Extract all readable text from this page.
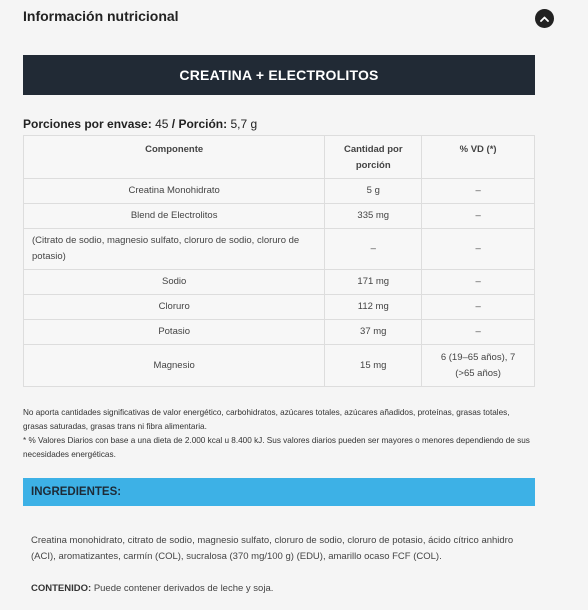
Información nutricional
CREATINA + ELECTROLITOS
Porciones por envase: 45 / Porción: 5,7 g
Componente	Cantidad por porción	% VD (*)
Creatina Monohidrato	5 g	–
Blend de Electrolitos	335 mg	–
(Citrato de sodio, magnesio sulfato, cloruro de sodio, cloruro de potasio)	–	–
Sodio	171 mg	–
Cloruro	112 mg	–
Potasio	37 mg	–
Magnesio	15 mg	6 (19–65 años), 7 (>65 años)

No aporta cantidades significativas de valor energético, carbohidratos, azúcares totales, azúcares añadidos, proteínas, grasas totales, grasas saturadas, grasas trans ni fibra alimentaria.

* % Valores Diarios con base a una dieta de 2.000 kcal u 8.400 kJ. Sus valores diarios pueden ser mayores o menores dependiendo de sus necesidades energéticas.

INGREDIENTES:
Creatina monohidrato, citrato de sodio, magnesio sulfato, cloruro de sodio, cloruro de potasio, ácido cítrico anhidro (ACI), aromatizantes, carmín (COL), sucralosa (370 mg/100 g) (EDU), amarillo ocaso FCF (COL).
CONTENIDO: Puede contener derivados de leche y soja.
